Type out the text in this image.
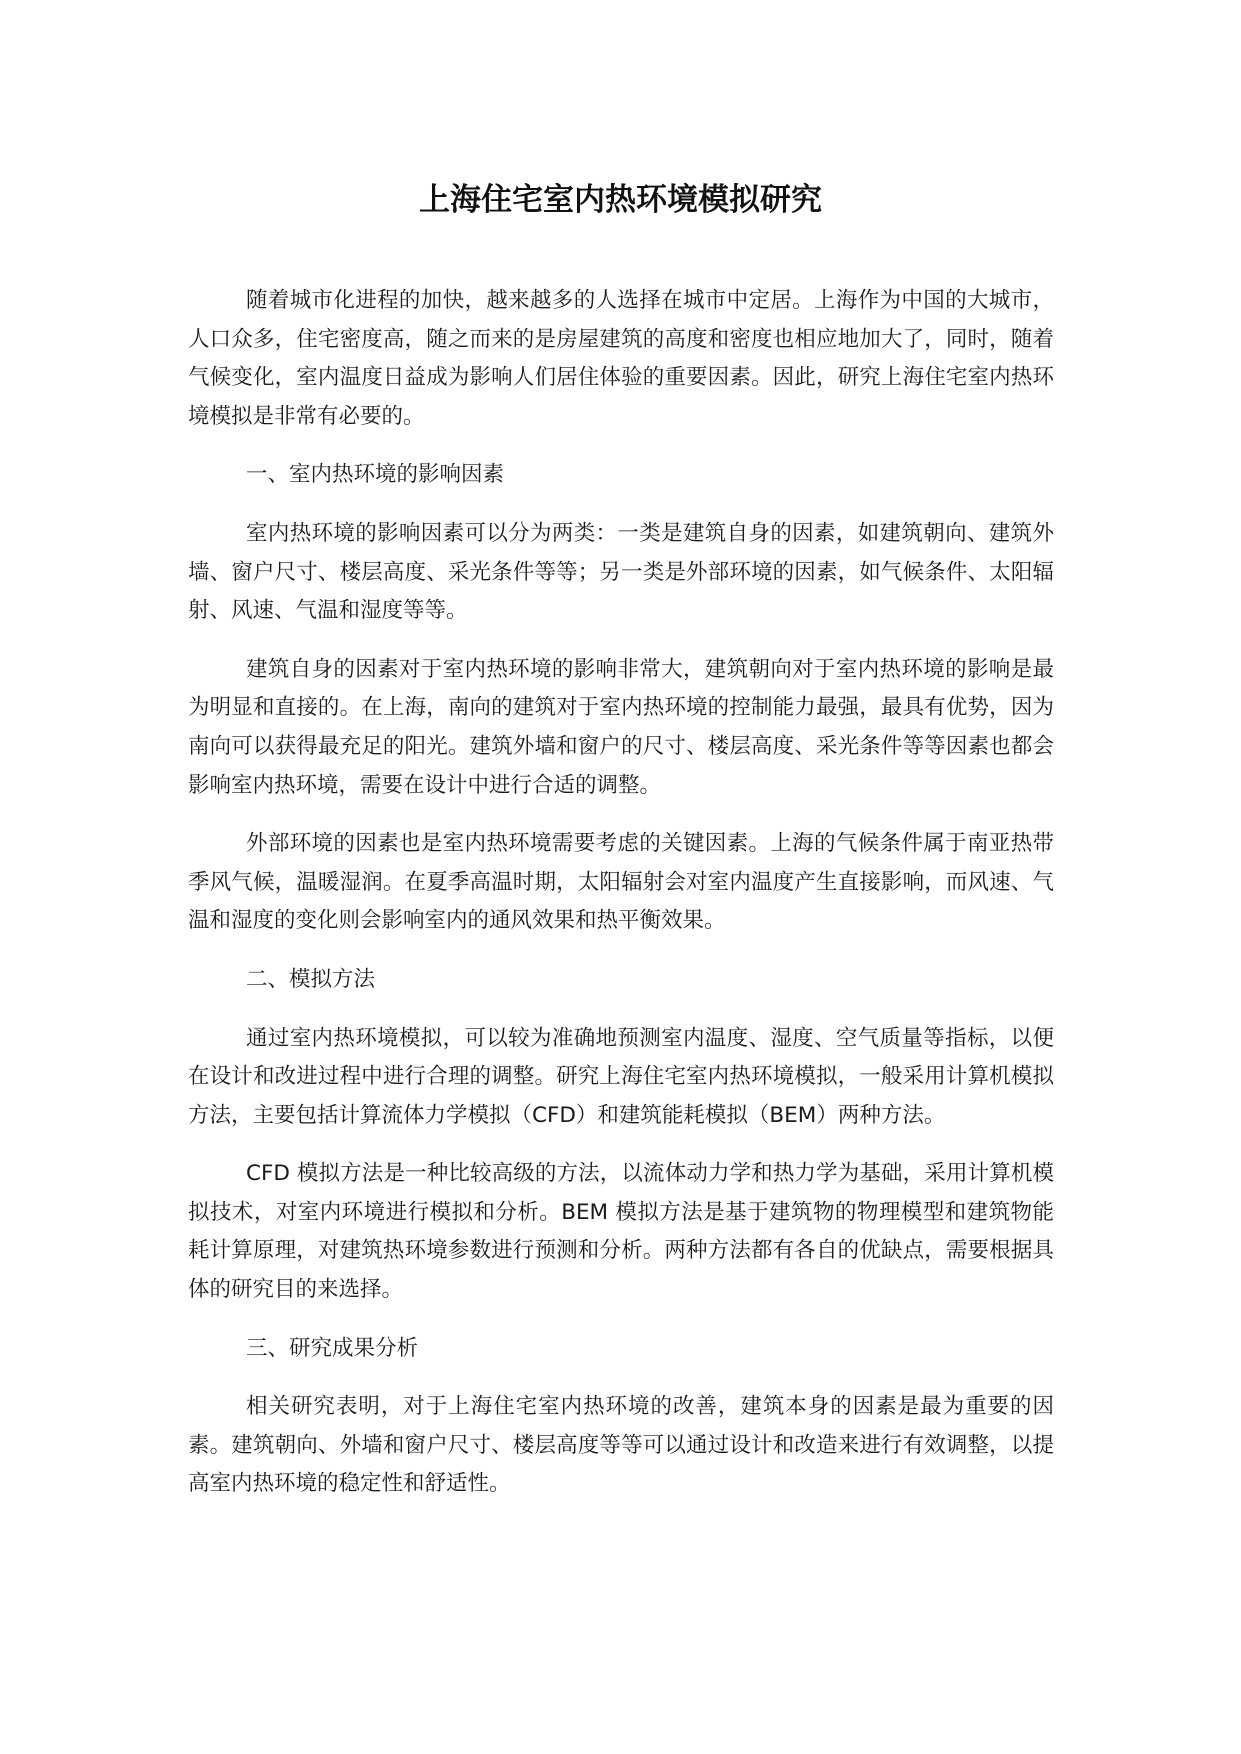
上海住宅室内热环境模拟研究

随着城市化进程的加快，越来越多的人选择在城市中定居。上海作为中国的大城市，人口众多，住宅密度高，随之而来的是房屋建筑的高度和密度也相应地加大了，同时，随着气候变化，室内温度日益成为影响人们居住体验的重要因素。因此，研究上海住宅室内热环境模拟是非常有必要的。

一、室内热环境的影响因素

室内热环境的影响因素可以分为两类：一类是建筑自身的因素，如建筑朝向、建筑外墙、窗户尺寸、楼层高度、采光条件等等；另一类是外部环境的因素，如气候条件、太阳辐射、风速、气温和湿度等等。

建筑自身的因素对于室内热环境的影响非常大，建筑朝向对于室内热环境的影响是最为明显和直接的。在上海，南向的建筑对于室内热环境的控制能力最强，最具有优势，因为南向可以获得最充足的阳光。建筑外墙和窗户的尺寸、楼层高度、采光条件等等因素也都会影响室内热环境，需要在设计中进行合适的调整。

外部环境的因素也是室内热环境需要考虑的关键因素。上海的气候条件属于南亚热带季风气候，温暖湿润。在夏季高温时期，太阳辐射会对室内温度产生直接影响，而风速、气温和湿度的变化则会影响室内的通风效果和热平衡效果。

二、模拟方法

通过室内热环境模拟，可以较为准确地预测室内温度、湿度、空气质量等指标，以便在设计和改进过程中进行合理的调整。研究上海住宅室内热环境模拟，一般采用计算机模拟方法，主要包括计算流体力学模拟（CFD）和建筑能耗模拟（BEM）两种方法。

CFD 模拟方法是一种比较高级的方法，以流体动力学和热力学为基础，采用计算机模拟技术，对室内环境进行模拟和分析。BEM 模拟方法是基于建筑物的物理模型和建筑物能耗计算原理，对建筑热环境参数进行预测和分析。两种方法都有各自的优缺点，需要根据具体的研究目的来选择。

三、研究成果分析

相关研究表明，对于上海住宅室内热环境的改善，建筑本身的因素是最为重要的因素。建筑朝向、外墙和窗户尺寸、楼层高度等等可以通过设计和改造来进行有效调整，以提高室内热环境的稳定性和舒适性。
